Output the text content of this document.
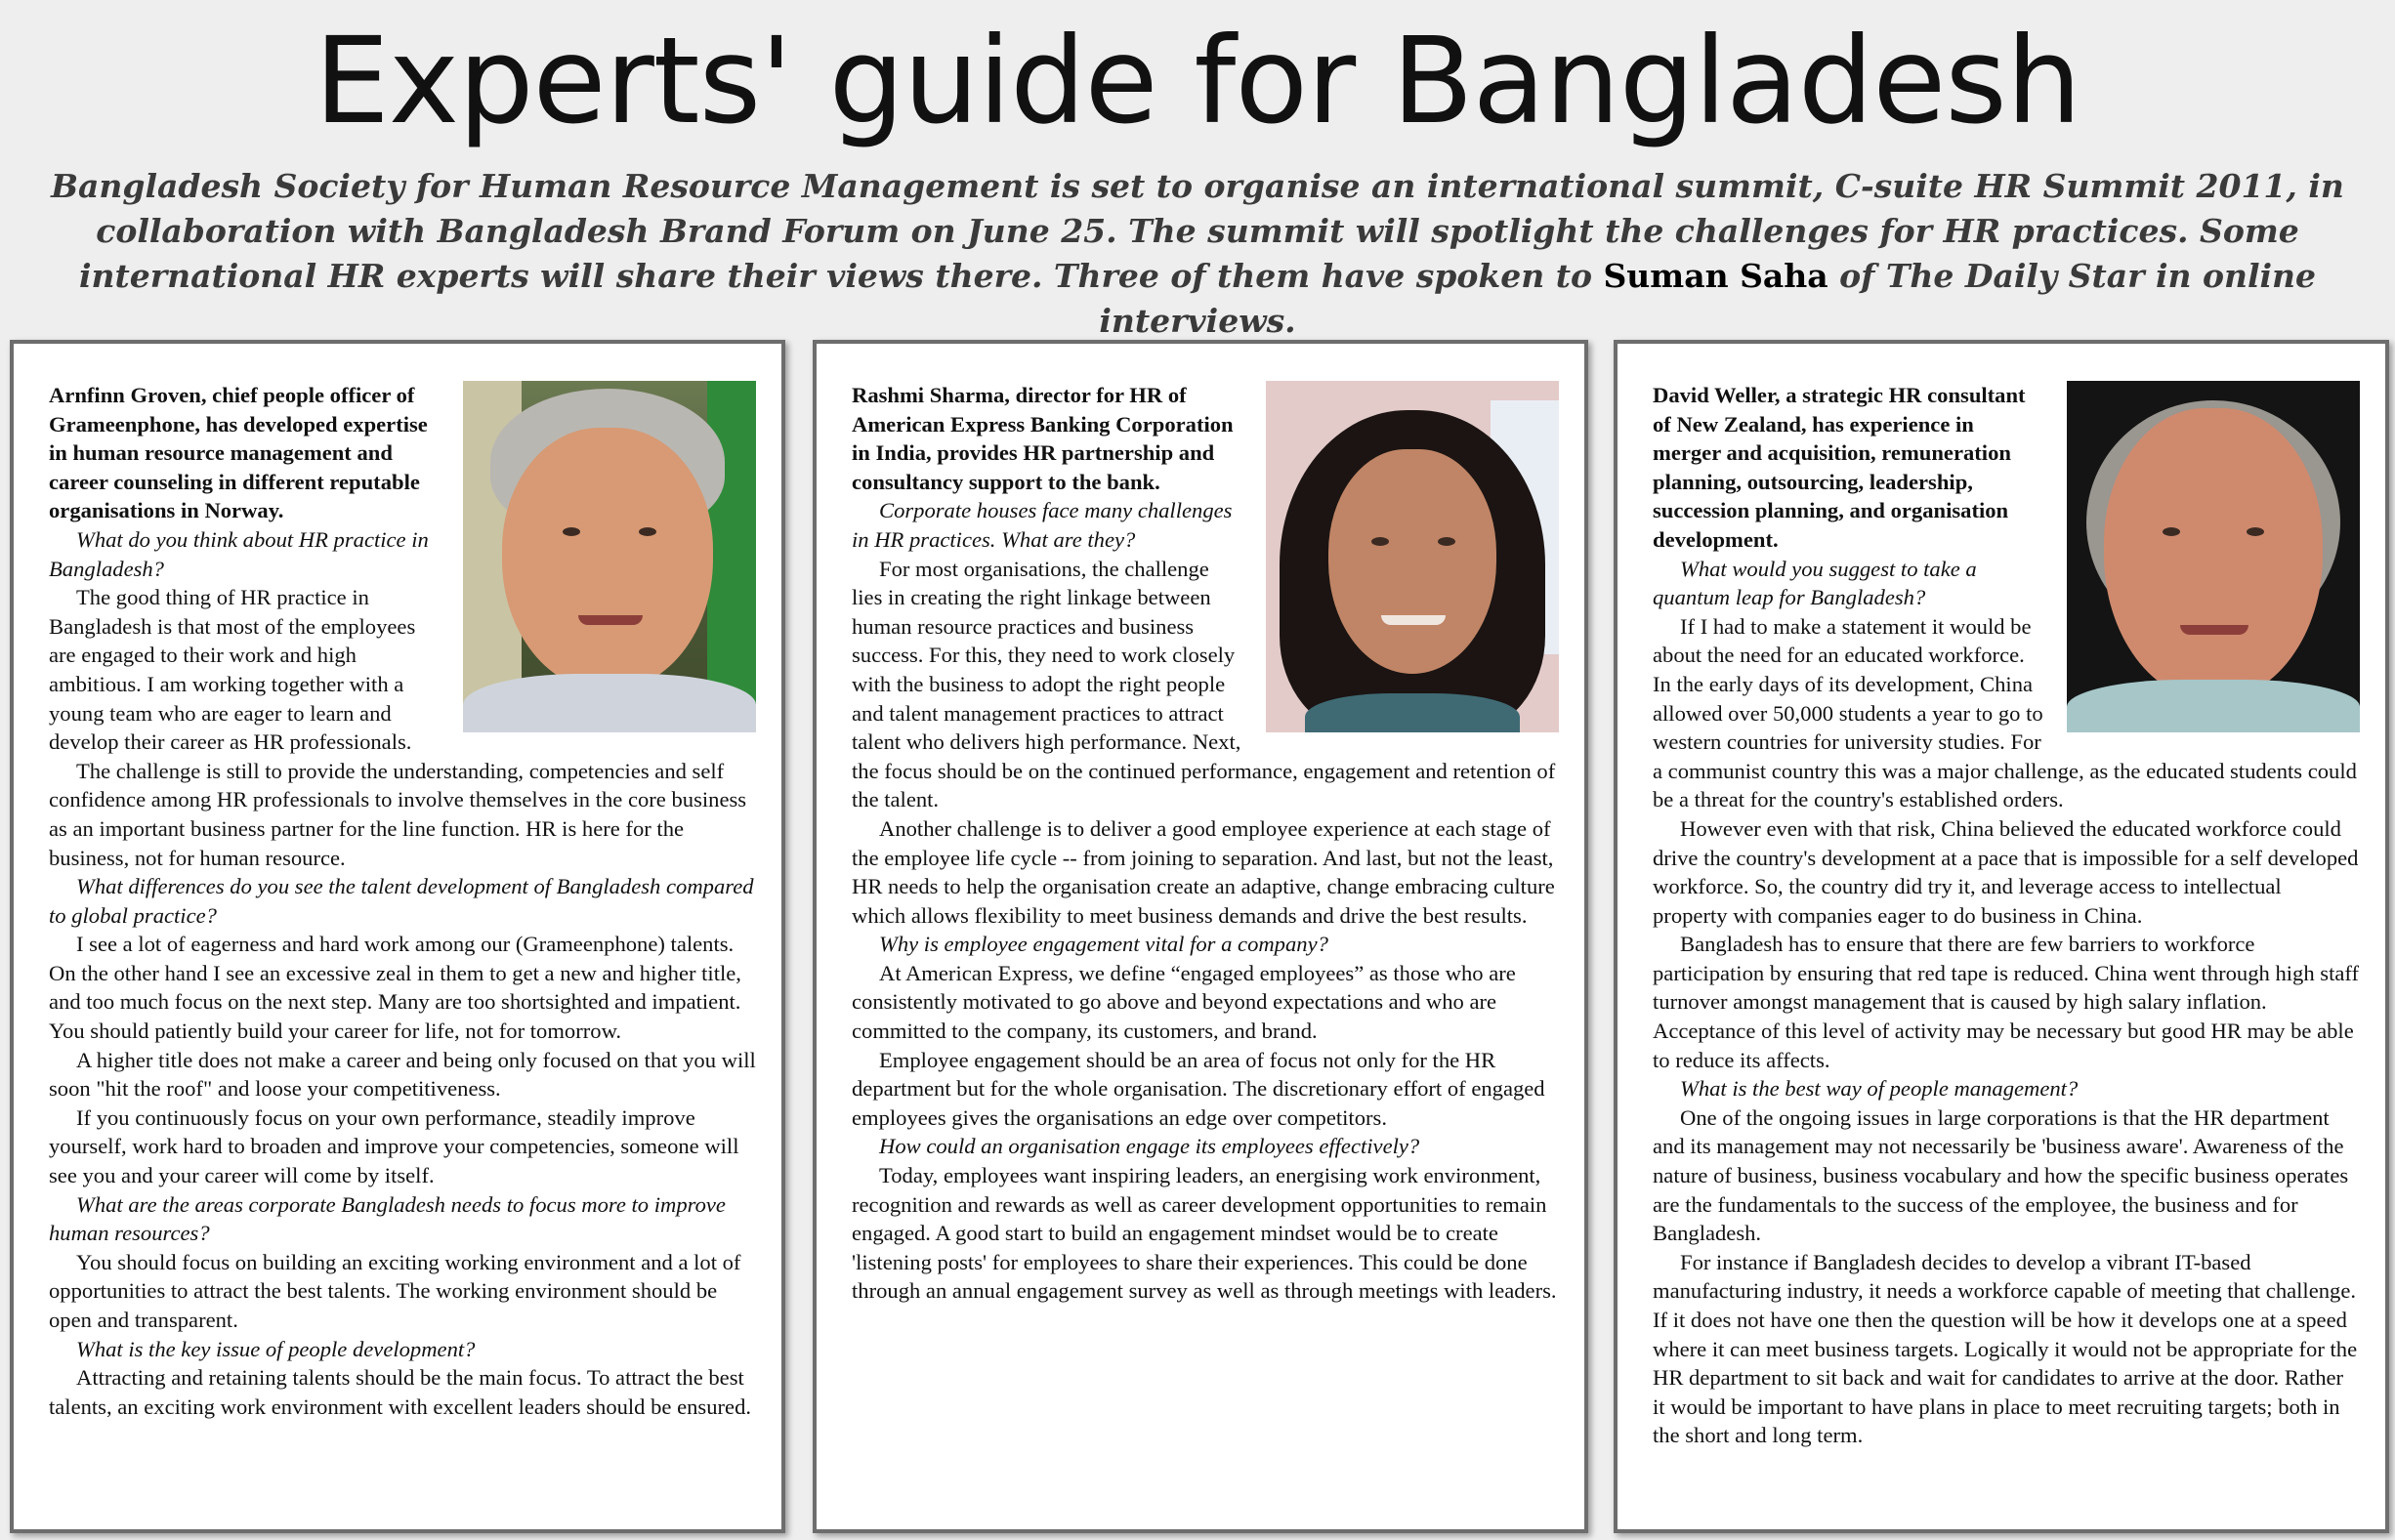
Experts' guide for Bangladesh
Bangladesh Society for Human Resource Management is set to organise an international summit, C-suite HR Summit 2011, in collaboration with Bangladesh Brand Forum on June 25. The summit will spotlight the challenges for HR practices. Some international HR experts will share their views there. Three of them have spoken to Suman Saha of The Daily Star in online interviews.

Arnfinn Groven, chief people officer of Grameenphone, has developed expertise in human resource management and career counseling in different reputable organisations in Norway.

What do you think about HR practice in Bangladesh?

The good thing of HR practice in Bangladesh is that most of the employees are engaged to their work and high ambitious. I am working together with a young team who are eager to learn and develop their career as HR professionals.

The challenge is still to provide the understanding, competencies and self confidence among HR professionals to involve themselves in the core business as an important business partner for the line function. HR is here for the business, not for human resource.

What differences do you see the talent development of Bangladesh compared to global practice?

I see a lot of eagerness and hard work among our (Grameenphone) talents. On the other hand I see an excessive zeal in them to get a new and higher title, and too much focus on the next step. Many are too shortsighted and impatient. You should patiently build your career for life, not for tomorrow.

A higher title does not make a career and being only focused on that you will soon "hit the roof" and loose your competitiveness.

If you continuously focus on your own performance, steadily improve yourself, work hard to broaden and improve your competencies, someone will see you and your career will come by itself.

What are the areas corporate Bangladesh needs to focus more to improve human resources?

You should focus on building an exciting working environment and a lot of opportunities to attract the best talents. The working environment should be open and transparent.

What is the key issue of people development?

Attracting and retaining talents should be the main focus. To attract the best talents, an exciting work environment with excellent leaders should be ensured.

Rashmi Sharma, director for HR of American Express Banking Corporation in India, provides HR partnership and consultancy support to the bank.

Corporate houses face many challenges in HR practices. What are they?

For most organisations, the challenge lies in creating the right linkage between human resource practices and business success. For this, they need to work closely with the business to adopt the right people and talent management practices to attract talent who delivers high performance. Next, the focus should be on the continued performance, engagement and retention of the talent.

Another challenge is to deliver a good employee experience at each stage of the employee life cycle -- from joining to separation. And last, but not the least, HR needs to help the organisation create an adaptive, change embracing culture which allows flexibility to meet business demands and drive the best results.

Why is employee engagement vital for a company?

At American Express, we define “engaged employees” as those who are consistently motivated to go above and beyond expectations and who are committed to the company, its customers, and brand.

Employee engagement should be an area of focus not only for the HR department but for the whole organisation. The discretionary effort of engaged employees gives the organisations an edge over competitors.

How could an organisation engage its employees effectively?

Today, employees want inspiring leaders, an energising work environment, recognition and rewards as well as career development opportunities to remain engaged. A good start to build an engagement mindset would be to create 'listening posts' for employees to share their experiences. This could be done through an annual engagement survey as well as through meetings with leaders.

David Weller, a strategic HR consultant of New Zealand, has experience in merger and acquisition, remuneration planning, outsourcing, leadership, succession planning, and organisation development.

What would you suggest to take a quantum leap for Bangladesh?

If I had to make a statement it would be about the need for an educated workforce. In the early days of its development, China allowed over 50,000 students a year to go to western countries for university studies. For a communist country this was a major challenge, as the educated students could be a threat for the country's established orders.

However even with that risk, China believed the educated workforce could drive the country's development at a pace that is impossible for a self developed workforce. So, the country did try it, and leverage access to intellectual property with companies eager to do business in China.

Bangladesh has to ensure that there are few barriers to workforce participation by ensuring that red tape is reduced. China went through high staff turnover amongst management that is caused by high salary inflation. Acceptance of this level of activity may be necessary but good HR may be able to reduce its affects.

What is the best way of people management?

One of the ongoing issues in large corporations is that the HR department and its management may not necessarily be 'business aware'. Awareness of the nature of business, business vocabulary and how the specific business operates are the fundamentals to the success of the employee, the business and for Bangladesh.

For instance if Bangladesh decides to develop a vibrant IT-based manufacturing industry, it needs a workforce capable of meeting that challenge. If it does not have one then the question will be how it develops one at a speed where it can meet business targets. Logically it would not be appropriate for the HR department to sit back and wait for candidates to arrive at the door. Rather it would be important to have plans in place to meet recruiting targets; both in the short and long term.
